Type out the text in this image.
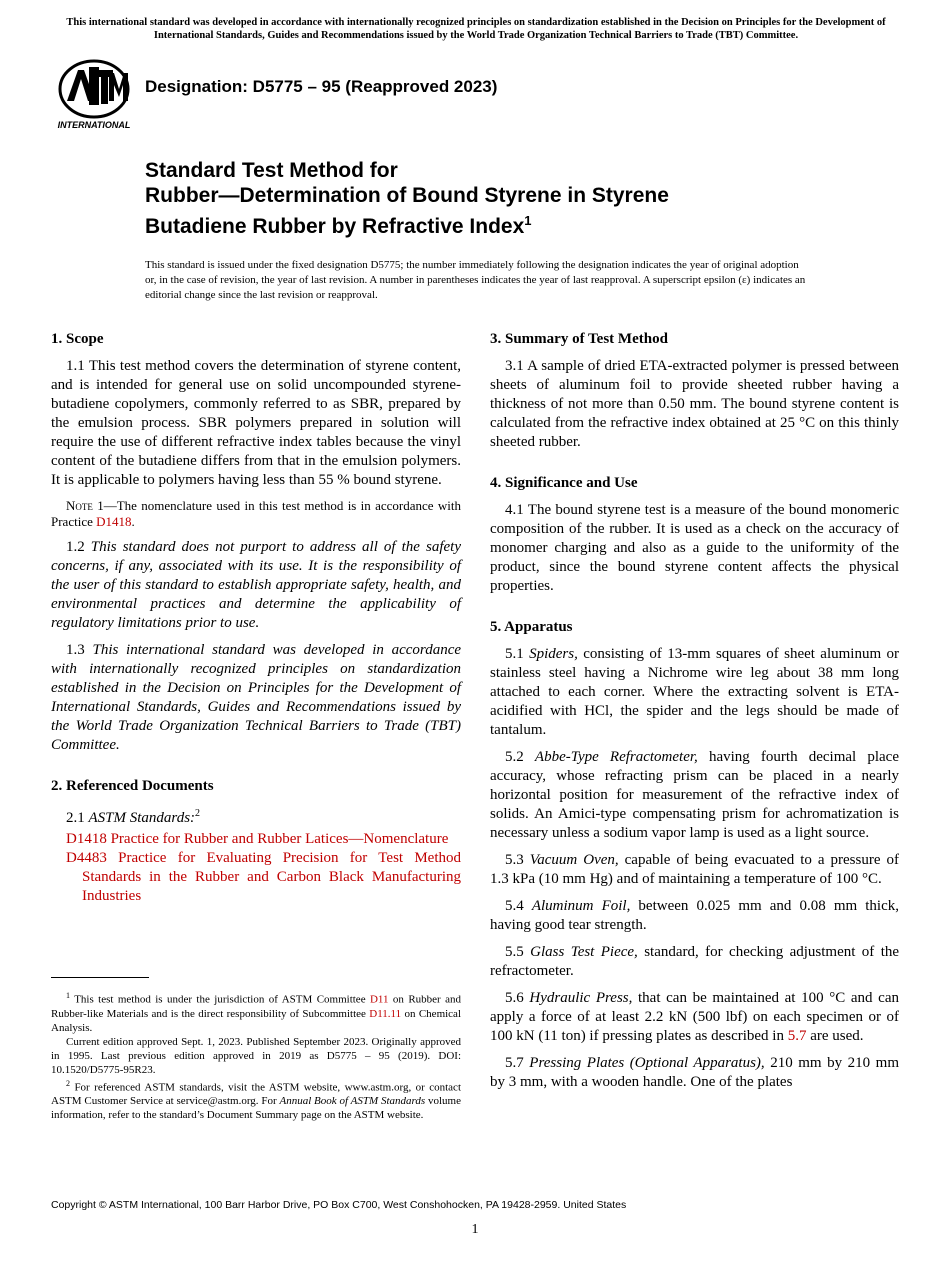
This international standard was developed in accordance with internationally recognized principles on standardization established in the Decision on Principles for the Development of International Standards, Guides and Recommendations issued by the World Trade Organization Technical Barriers to Trade (TBT) Committee.
INTERNATIONAL
Designation: D5775 – 95 (Reapproved 2023)
Standard Test Method for
Rubber—Determination of Bound Styrene in Styrene
Butadiene Rubber by Refractive Index$^1$
This standard is issued under the fixed designation D5775; the number immediately following the designation indicates the year of original adoption or, in the case of revision, the year of last revision. A number in parentheses indicates the year of last reapproval. A superscript epsilon (ε) indicates an editorial change since the last revision or reapproval.
1. Scope
1.1 This test method covers the determination of styrene content, and is intended for general use on solid uncompounded styrene-butadiene copolymers, commonly referred to as SBR, prepared by the emulsion process. SBR polymers prepared in solution will require the use of different refractive index tables because the vinyl content of the butadiene differs from that in the emulsion polymers. It is applicable to polymers having less than 55 % bound styrene.
Note 1—The nomenclature used in this test method is in accordance with Practice D1418.
1.2 This standard does not purport to address all of the safety concerns, if any, associated with its use. It is the responsibility of the user of this standard to establish appropriate safety, health, and environmental practices and determine the applicability of regulatory limitations prior to use.
1.3 This international standard was developed in accordance with internationally recognized principles on standardization established in the Decision on Principles for the Development of International Standards, Guides and Recommendations issued by the World Trade Organization Technical Barriers to Trade (TBT) Committee.
2. Referenced Documents
2.1 ASTM Standards:$^2$
D1418 Practice for Rubber and Rubber Latices—Nomenclature
D4483 Practice for Evaluating Precision for Test Method Standards in the Rubber and Carbon Black Manufacturing Industries
3. Summary of Test Method
3.1 A sample of dried ETA-extracted polymer is pressed between sheets of aluminum foil to provide sheeted rubber having a thickness of not more than 0.50 mm. The bound styrene content is calculated from the refractive index obtained at 25 °C on this thinly sheeted rubber.
4. Significance and Use
4.1 The bound styrene test is a measure of the bound monomeric composition of the rubber. It is used as a check on the accuracy of monomer charging and also as a guide to the uniformity of the product, since the bound styrene content affects the physical properties.
5. Apparatus
5.1 Spiders, consisting of 13-mm squares of sheet aluminum or stainless steel having a Nichrome wire leg about 38 mm long attached to each corner. Where the extracting solvent is ETA-acidified with HCl, the spider and the legs should be made of tantalum.
5.2 Abbe-Type Refractometer, having fourth decimal place accuracy, whose refracting prism can be placed in a nearly horizontal position for measurement of the refractive index of solids. An Amici-type compensating prism for achromatization is necessary unless a sodium vapor lamp is used as a light source.
5.3 Vacuum Oven, capable of being evacuated to a pressure of 1.3 kPa (10 mm Hg) and of maintaining a temperature of 100 °C.
5.4 Aluminum Foil, between 0.025 mm and 0.08 mm thick, having good tear strength.
5.5 Glass Test Piece, standard, for checking adjustment of the refractometer.
5.6 Hydraulic Press, that can be maintained at 100 °C and can apply a force of at least 2.2 kN (500 lbf) on each specimen or of 100 kN (11 ton) if pressing plates as described in 5.7 are used.
5.7 Pressing Plates (Optional Apparatus), 210 mm by 210 mm by 3 mm, with a wooden handle. One of the plates

$^1$ This test method is under the jurisdiction of ASTM Committee D11 on Rubber and Rubber-like Materials and is the direct responsibility of Subcommittee D11.11 on Chemical Analysis.

Current edition approved Sept. 1, 2023. Published September 2023. Originally approved in 1995. Last previous edition approved in 2019 as D5775 – 95 (2019). DOI: 10.1520/D5775-95R23.

$^2$ For referenced ASTM standards, visit the ASTM website, www.astm.org, or contact ASTM Customer Service at service@astm.org. For Annual Book of ASTM Standards volume information, refer to the standard’s Document Summary page on the ASTM website.

Copyright © ASTM International, 100 Barr Harbor Drive, PO Box C700, West Conshohocken, PA 19428-2959. United States
1
